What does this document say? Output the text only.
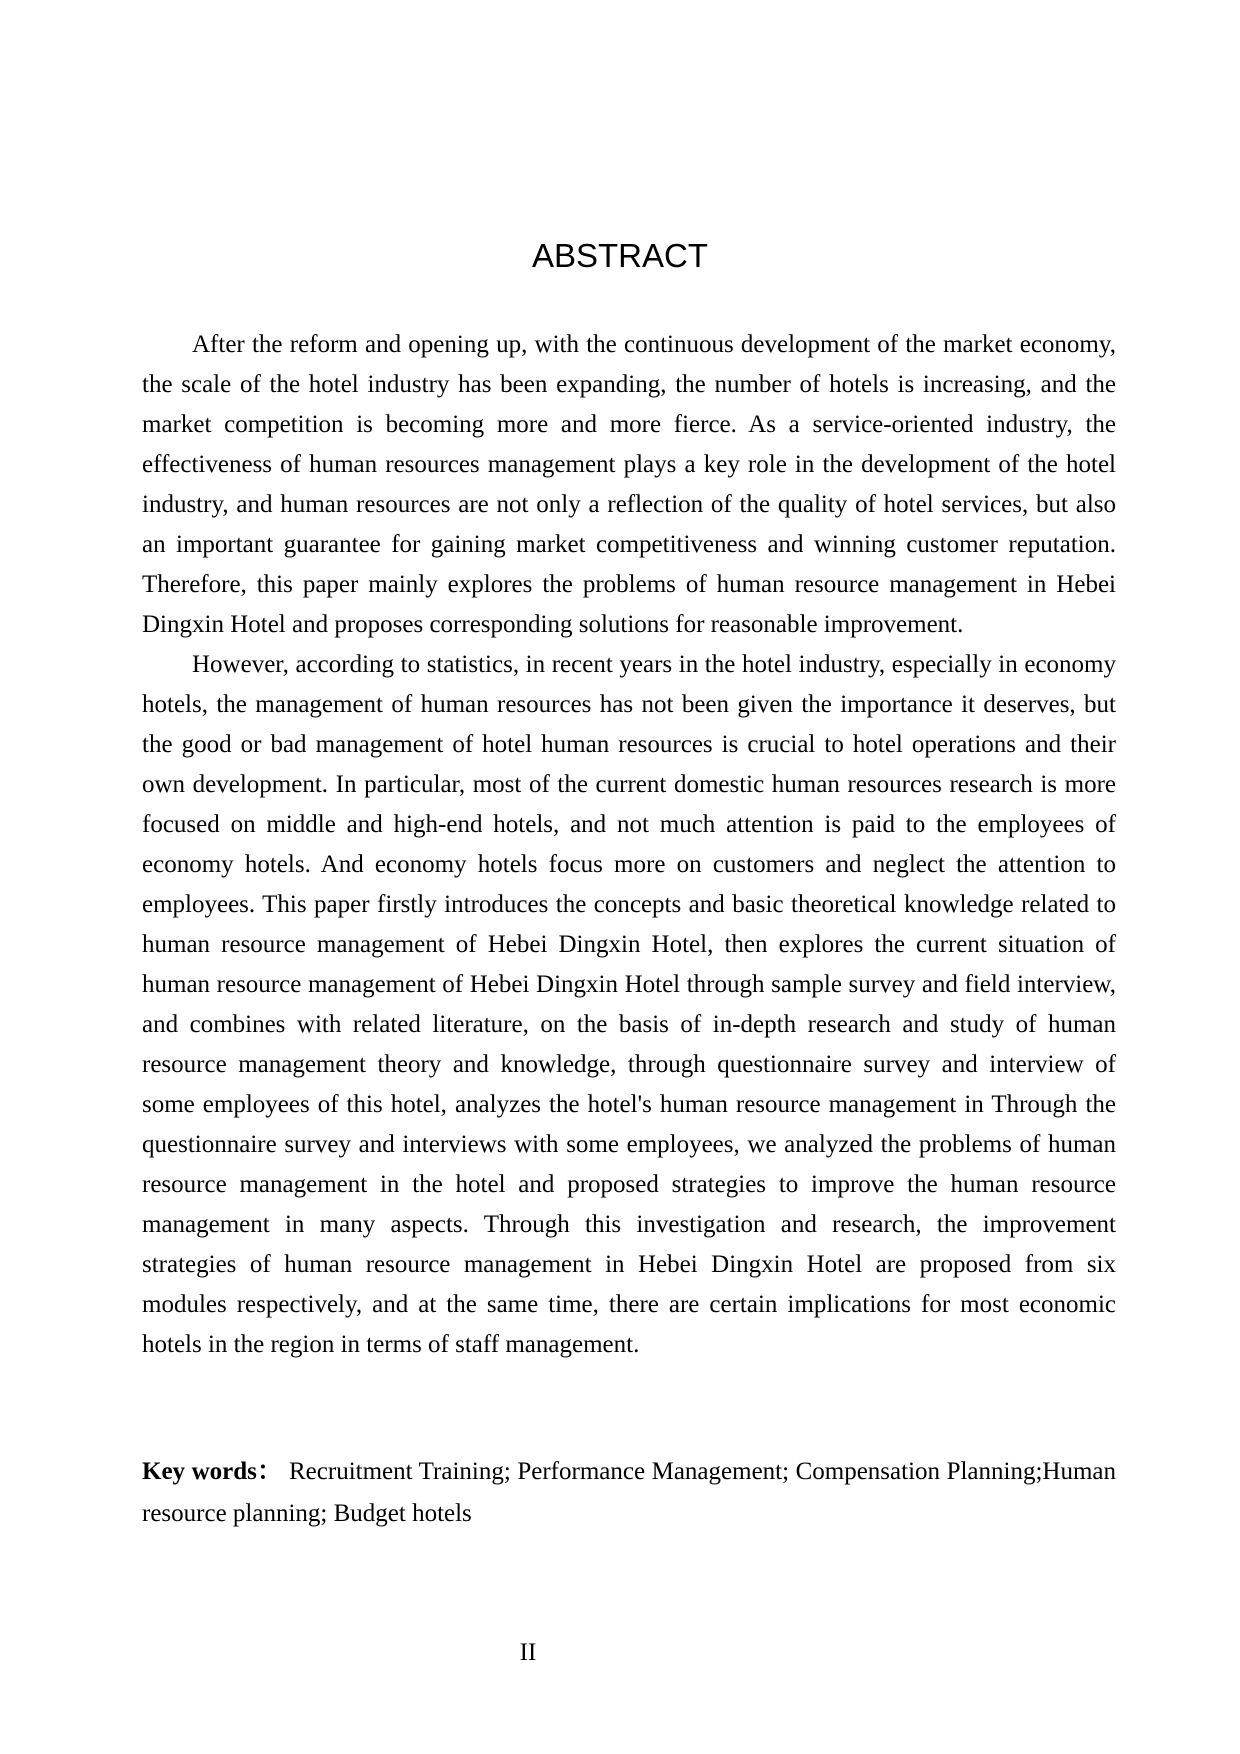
ABSTRACT

After the reform and opening up, with the continuous development of the market economy, the scale of the hotel industry has been expanding, the number of hotels is increasing, and the market competition is becoming more and more fierce. As a service-oriented industry, the effectiveness of human resources management plays a key role in the development of the hotel industry, and human resources are not only a reflection of the quality of hotel services, but also an important guarantee for gaining market competitiveness and winning customer reputation. Therefore, this paper mainly explores the problems of human resource management in Hebei Dingxin Hotel and proposes corresponding solutions for reasonable improvement.

However, according to statistics, in recent years in the hotel industry, especially in economy hotels, the management of human resources has not been given the importance it deserves, but the good or bad management of hotel human resources is crucial to hotel operations and their own development. In particular, most of the current domestic human resources research is more focused on middle and high-end hotels, and not much attention is paid to the employees of economy hotels. And economy hotels focus more on customers and neglect the attention to employees. This paper firstly introduces the concepts and basic theoretical knowledge related to human resource management of Hebei Dingxin Hotel, then explores the current situation of human resource management of Hebei Dingxin Hotel through sample survey and field interview, and combines with related literature, on the basis of in-depth research and study of human resource management theory and knowledge, through questionnaire survey and interview of some employees of this hotel, analyzes the hotel's human resource management in Through the questionnaire survey and interviews with some employees, we analyzed the problems of human resource management in the hotel and proposed strategies to improve the human resource management in many aspects. Through this investigation and research, the improvement strategies of human resource management in Hebei Dingxin Hotel are proposed from six modules respectively, and at the same time, there are certain implications for most economic hotels in the region in terms of staff management.

Key words： Recruitment Training; Performance Management; Compensation Planning;Human resource planning; Budget hotels

II
